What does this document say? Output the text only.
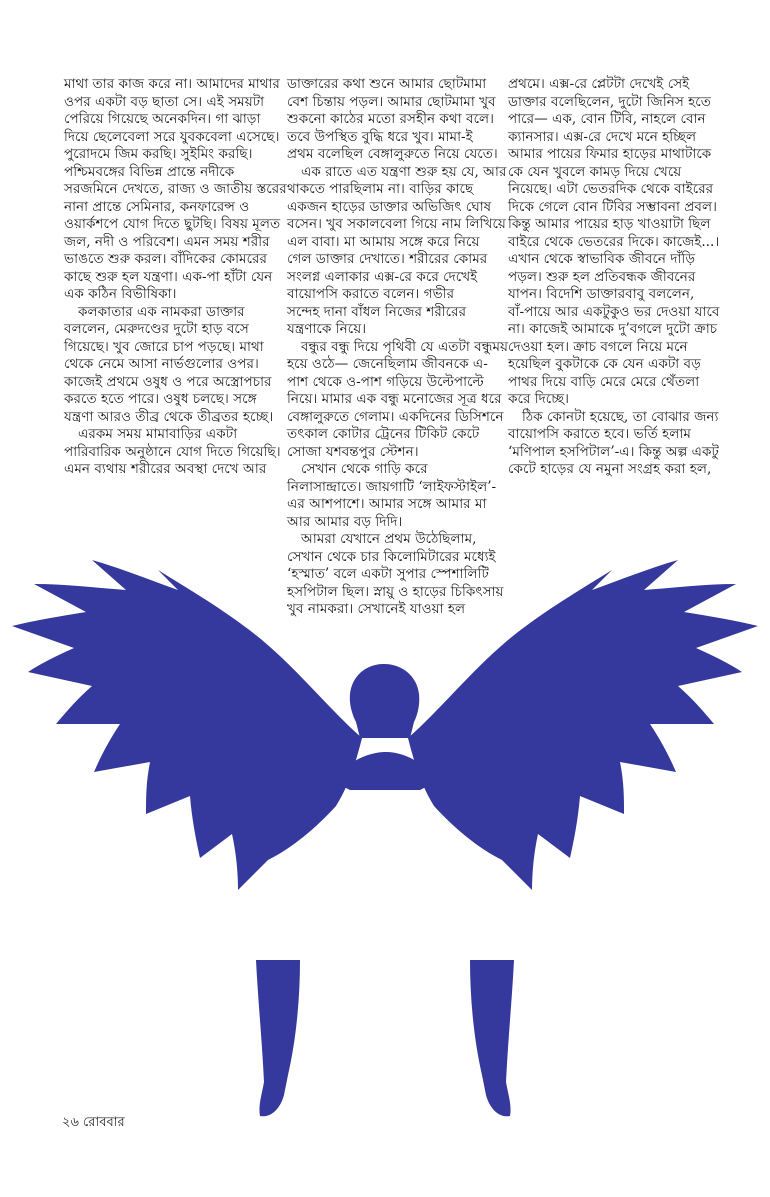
মাথা তার কাজ করে না। আমাদের মাথার

ওপর একটা বড় ছাতা সে। এই সময়টা

পেরিয়ে গিয়েছে অনেকদিন। গা ঝাড়া

দিয়ে ছেলেবেলা সরে যুবকবেলা এসেছে।

পুরোদমে জিম করছি। সুইমিং করছি।

পশ্চিমবঙ্গের বিভিন্ন প্রান্তে নদীকে

সরজমিনে দেখতে, রাজ্য ও জাতীয় স্তরের

নানা প্রান্তে সেমিনার, কনফারেন্স ও

ওয়ার্কশপে যোগ দিতে ছুটছি। বিষয় মূলত

জল, নদী ও পরিবেশ। এমন সময় শরীর

ভাঙতে শুরু করল। বাঁদিকের কোমরের

কাছে শুরু হল যন্ত্রণা। এক-পা হাঁটা যেন

এক কঠিন বিভীষিকা।

কলকাতার এক নামকরা ডাক্তার

বললেন, মেরুদণ্ডের দুটো হাড় বসে

গিয়েছে। খুব জোরে চাপ পড়ছে। মাথা

থেকে নেমে আসা নার্ভগুলোর ওপর।

কাজেই প্রথমে ওষুধ ও পরে অস্ত্রোপচার

করতে হতে পারে। ওষুধ চলছে। সঙ্গে

যন্ত্রণা আরও তীব্র থেকে তীব্রতর হচ্ছে।

এরকম সময় মামাবাড়ির একটা

পারিবারিক অনুষ্ঠানে যোগ দিতে গিয়েছি।

এমন ব্যথায় শরীরের অবস্থা দেখে আর

ডাক্তারের কথা শুনে আমার ছোটমামা

বেশ চিন্তায় পড়ল। আমার ছোটমামা খুব

শুকনো কাঠের মতো রসহীন কথা বলে।

তবে উপস্থিত বুদ্ধি ধরে খুব। মামা-ই

প্রথম বলেছিল বেঙ্গালুরুতে নিয়ে যেতে।

এক রাতে এত যন্ত্রণা শুরু হয় যে, আর

থাকতে পারছিলাম না। বাড়ির কাছে

একজন হাড়ের ডাক্তার অভিজিৎ ঘোষ

বসেন। খুব সকালবেলা গিয়ে নাম লিখিয়ে

এল বাবা। মা আমায় সঙ্গে করে নিয়ে

গেল ডাক্তার দেখাতে। শরীরের কোমর

সংলগ্ন এলাকার এক্স-রে করে দেখেই

বায়োপসি করাতে বলেন। গভীর

সন্দেহ দানা বাঁধল নিজের শরীরের

যন্ত্রণাকে নিয়ে।

বন্ধুর বন্ধু দিয়ে পৃথিবী যে এতটা বন্ধুময়

হয়ে ওঠে— জেনেছিলাম জীবনকে এ-

পাশ থেকে ও-পাশ গড়িয়ে উল্টেপাল্টে

নিয়ে। মামার এক বন্ধু মনোজের সূত্র ধরে

বেঙ্গালুরুতে গেলাম। একদিনের ডিসিশনে

তৎকাল কোটার ট্রেনের টিকিট কেটে

সোজা যশবন্তপুর স্টেশন।

সেখান থেকে গাড়ি করে

নিলাসান্দ্রাতে। জায়গাটি ‘লাইফস্টাইল’-

এর আশপাশে। আমার সঙ্গে আমার মা

আর আমার বড় দিদি।

আমরা যেখানে প্রথম উঠেছিলাম,

সেখান থেকে চার কিলোমিটারের মধ্যেই

‘হস্মাত’ বলে একটা সুপার স্পেশালিটি

হসপিটাল ছিল। স্নায়ু ও হাড়ের চিকিৎসায়

খুব নামকরা। সেখানেই যাওয়া হল

প্রথমে। এক্স-রে প্লেটটা দেখেই সেই

ডাক্তার বলেছিলেন, দুটো জিনিস হতে

পারে— এক, বোন টিবি, নাহলে বোন

ক্যানসার। এক্স-রে দেখে মনে হচ্ছিল

আমার পায়ের ফিমার হাড়ের মাথাটাকে

কে যেন খুবলে কামড় দিয়ে খেয়ে

নিয়েছে। এটা ভেতরদিক থেকে বাইরের

দিকে গেলে বোন টিবির সম্ভাবনা প্রবল।

কিন্তু আমার পায়ের হাড় খাওয়াটা ছিল

বাইরে থেকে ভেতরের দিকে। কাজেই...।

এখান থেকে স্বাভাবিক জীবনে দাঁড়ি

পড়ল। শুরু হল প্রতিবন্ধক জীবনের

যাপন। বিদেশি ডাক্তারবাবু বললেন,

বাঁ-পায়ে আর একটুকুও ভর দেওয়া যাবে

না। কাজেই আমাকে দু’বগলে দুটো ক্রাচ

দেওয়া হল। ক্রাচ বগলে নিয়ে মনে

হয়েছিল বুকটাকে কে যেন একটা বড়

পাথর দিয়ে বাড়ি মেরে মেরে থেঁতলা

করে দিচ্ছে।

ঠিক কোনটা হয়েছে, তা বোঝার জন্য

বায়োপসি করাতে হবে। ভর্তি হলাম

‘মণিপাল হসপিটাল’-এ। কিন্তু অল্প একটু

কেটে হাড়ের যে নমুনা সংগ্রহ করা হল,

২৬ রোববার
